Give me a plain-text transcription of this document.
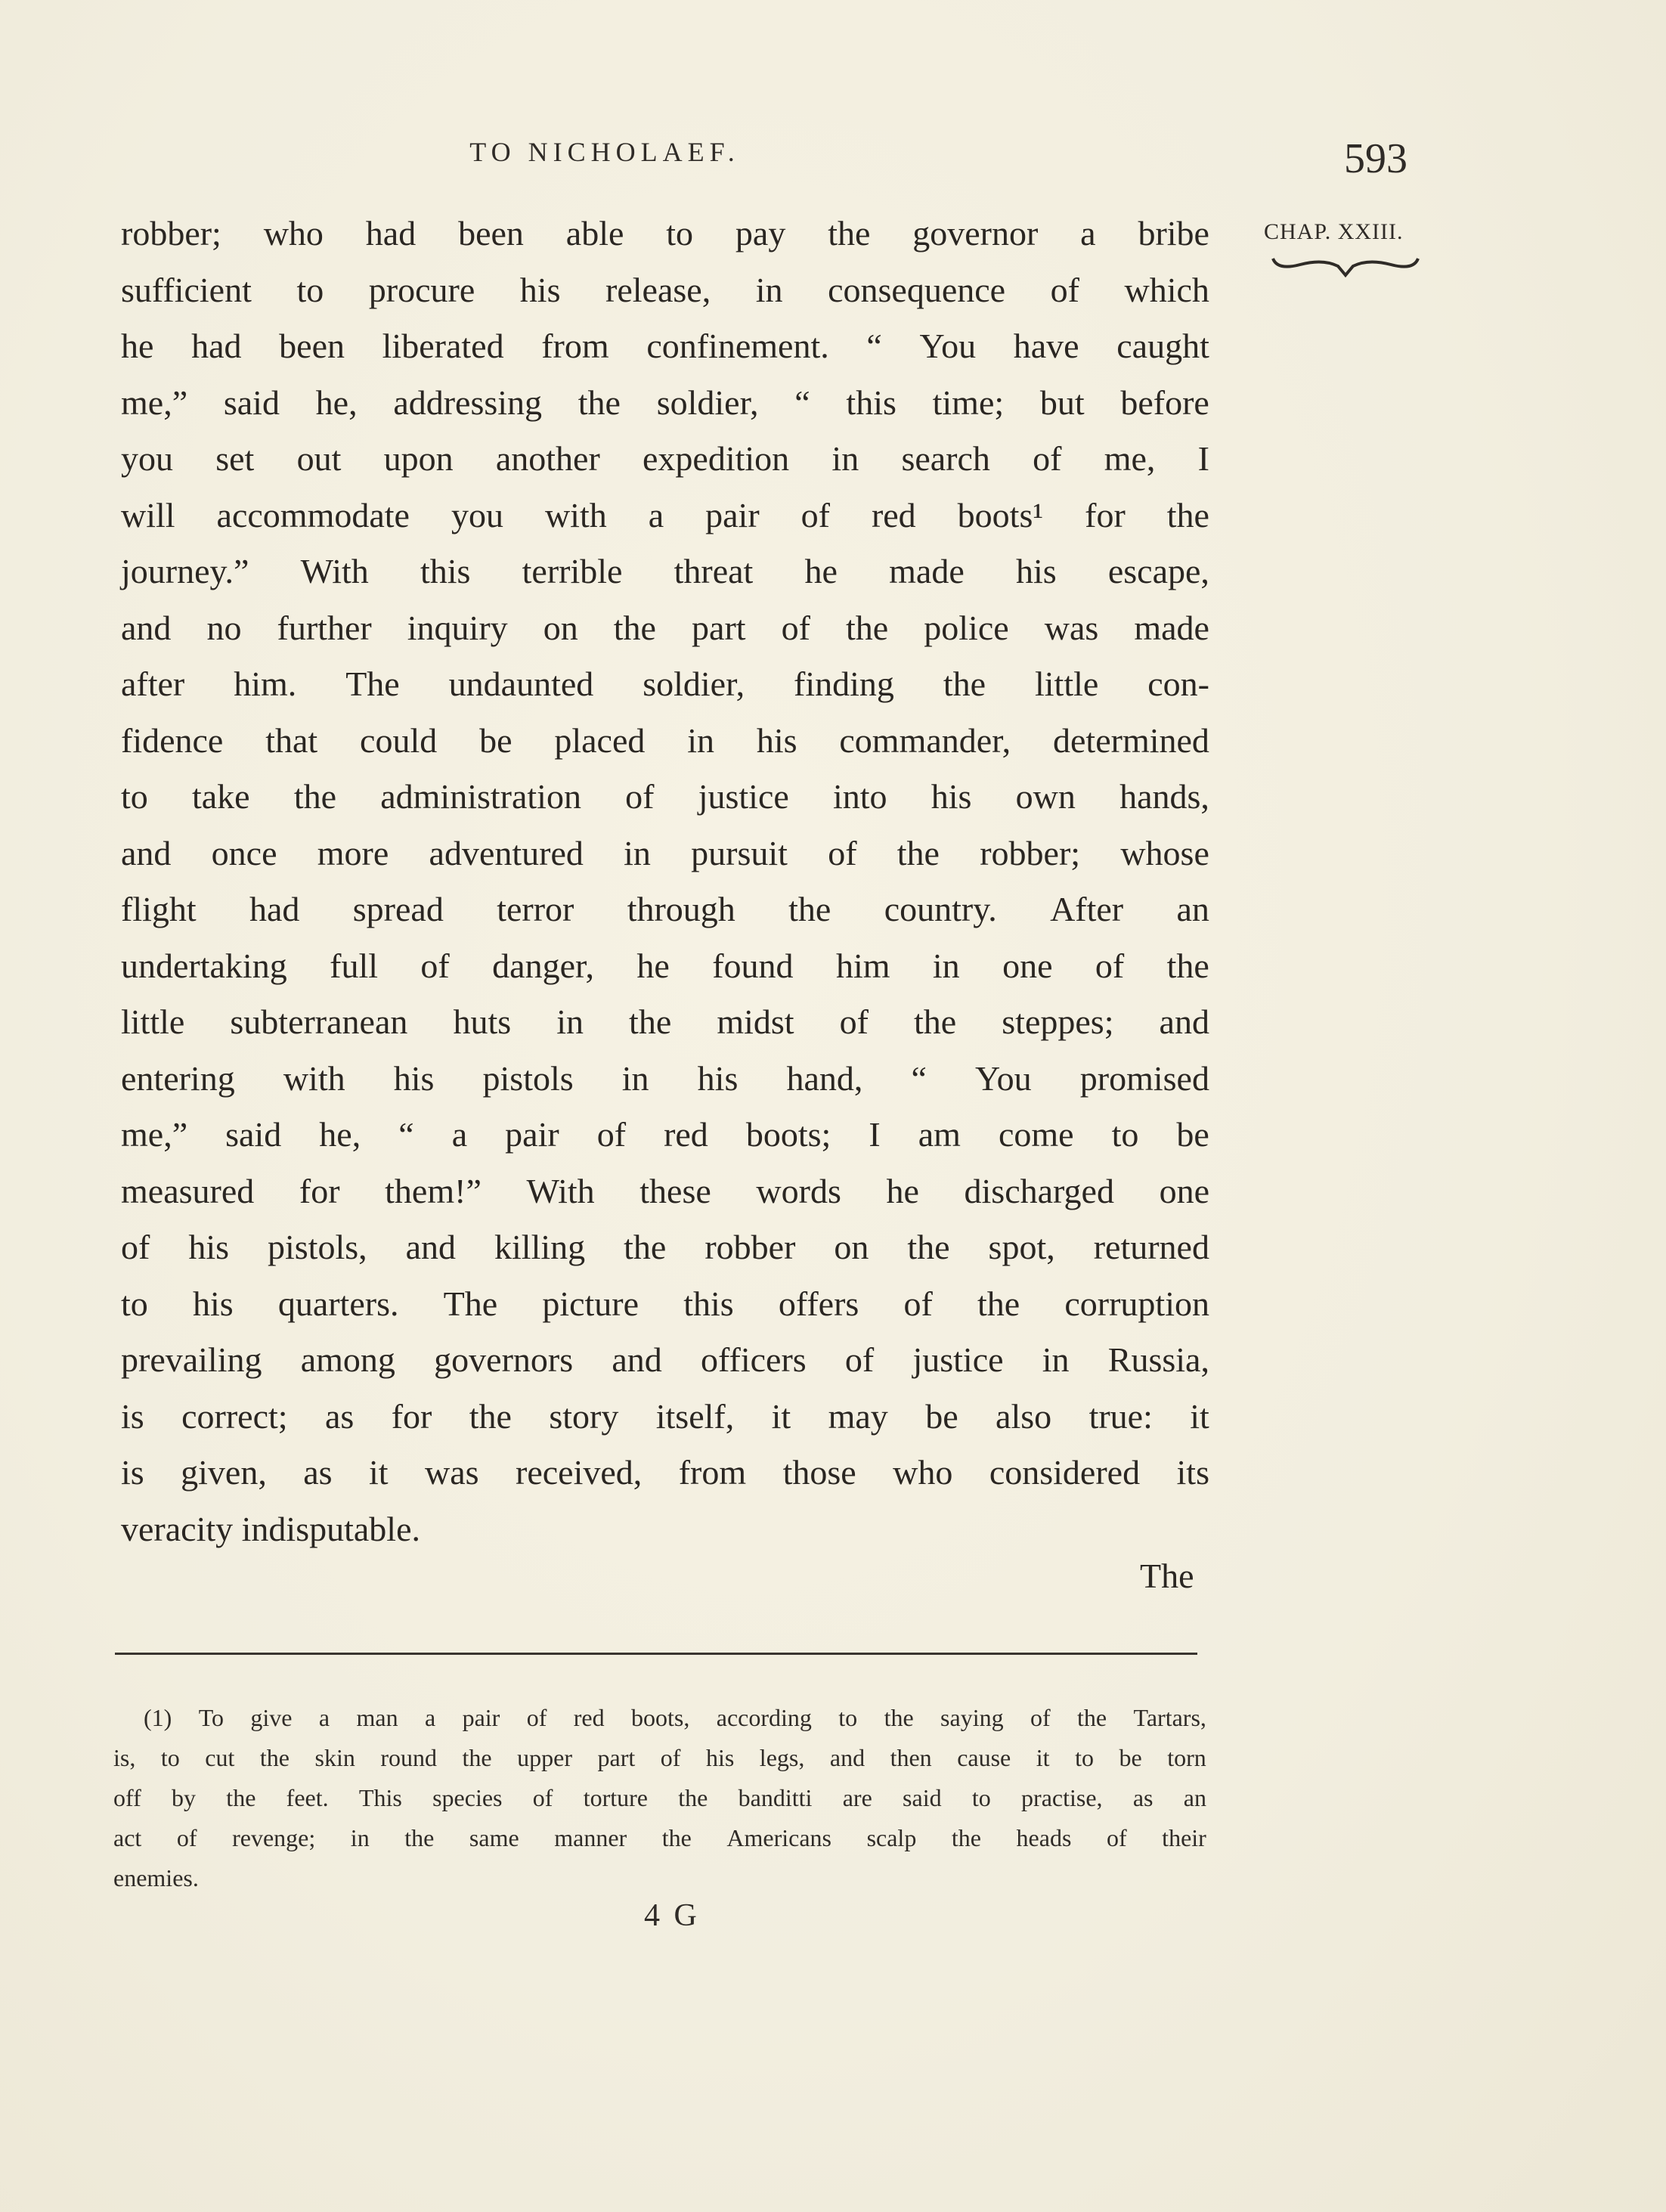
TO NICHOLAEF.	593
CHAP. XXIII.
robber; who had been able to pay the governor a bribe
sufficient to procure his release, in consequence of which
he had been liberated from confinement. “ You have caught
me,” said he, addressing the soldier, “ this time; but before
you set out upon another expedition in search of me, I
will accommodate you with a pair of red boots¹ for the
journey.” With this terrible threat he made his escape,
and no further inquiry on the part of the police was made
after him. The undaunted soldier, finding the little con-
fidence that could be placed in his commander, determined
to take the administration of justice into his own hands,
and once more adventured in pursuit of the robber; whose
flight had spread terror through the country. After an
undertaking full of danger, he found him in one of the
little subterranean huts in the midst of the steppes; and
entering with his pistols in his hand, “ You promised
me,” said he, “ a pair of red boots; I am come to be
measured for them!” With these words he discharged one
of his pistols, and killing the robber on the spot, returned
to his quarters. The picture this offers of the corruption
prevailing among governors and officers of justice in Russia,
is correct; as for the story itself, it may be also true: it
is given, as it was received, from those who considered its
veracity indisputable.
The
(1) To give a man a pair of red boots, according to the saying of the Tartars,
is, to cut the skin round the upper part of his legs, and then cause it to be torn
off by the feet. This species of torture the banditti are said to practise, as an
act of revenge; in the same manner the Americans scalp the heads of their
enemies.
4 G
